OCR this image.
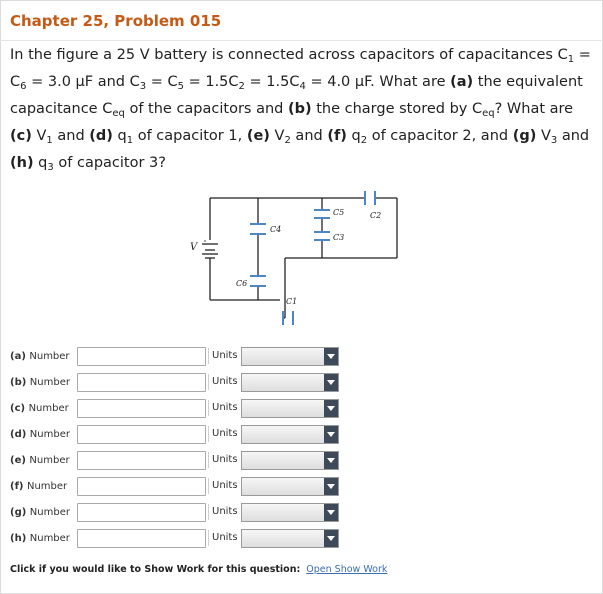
Chapter 25, Problem 015
In the figure a 25 V battery is connected across capacitors of capacitances $C_1 = C_6 = 3.0$ μF and $C_3 = C_5 = 1.5C_2 = 1.5C_4 = 4.0$ μF. What are (a) the equivalent capacitance $C_{eq}$ of the capacitors and (b) the charge stored by $C_{eq}$? What are (c) $V_1$ and (d) $q_1$ of capacitor 1, (e) $V_2$ and (f) $q_2$ of capacitor 2, and (g) $V_3$ and (h) $q_3$ of capacitor 3?
V
C2
C4
C5
C3
C6
C1
(a) Number	Units
(b) Number	Units
(c) Number	Units
(d) Number	Units
(e) Number	Units
(f) Number	Units
(g) Number	Units
(h) Number	Units
Click if you would like to Show Work for this question: Open Show Work
